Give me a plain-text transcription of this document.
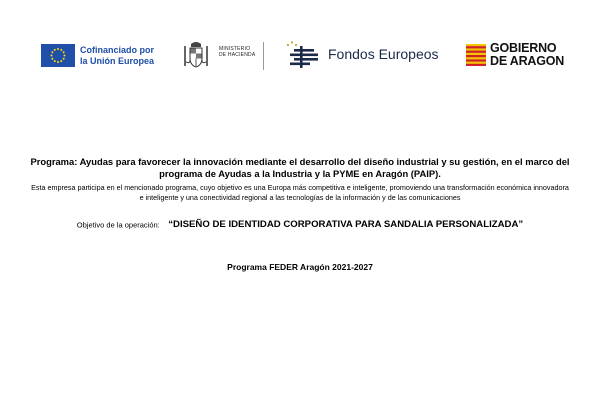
Cofinanciado por
la Unión Europea
MINISTERIO
DE HACIENDA	Fondos Europeos	GOBIERNO
DE ARAGON
Programa: Ayudas para favorecer la innovación mediante el desarrollo del diseño industrial y su gestión, en el marco del programa de Ayudas a la Industria y la PYME en Aragón (PAIP).
Esta empresa participa en el mencionado programa, cuyo objetivo es una Europa más competitiva e inteligente, promoviendo una transformación económica innovadora e inteligente y una conectividad regional a las tecnologías de la información y de las comunicaciones
Objetivo de la operación: “DISEÑO DE IDENTIDAD CORPORATIVA PARA SANDALIA PERSONALIZADA”
Programa FEDER Aragón 2021-2027
